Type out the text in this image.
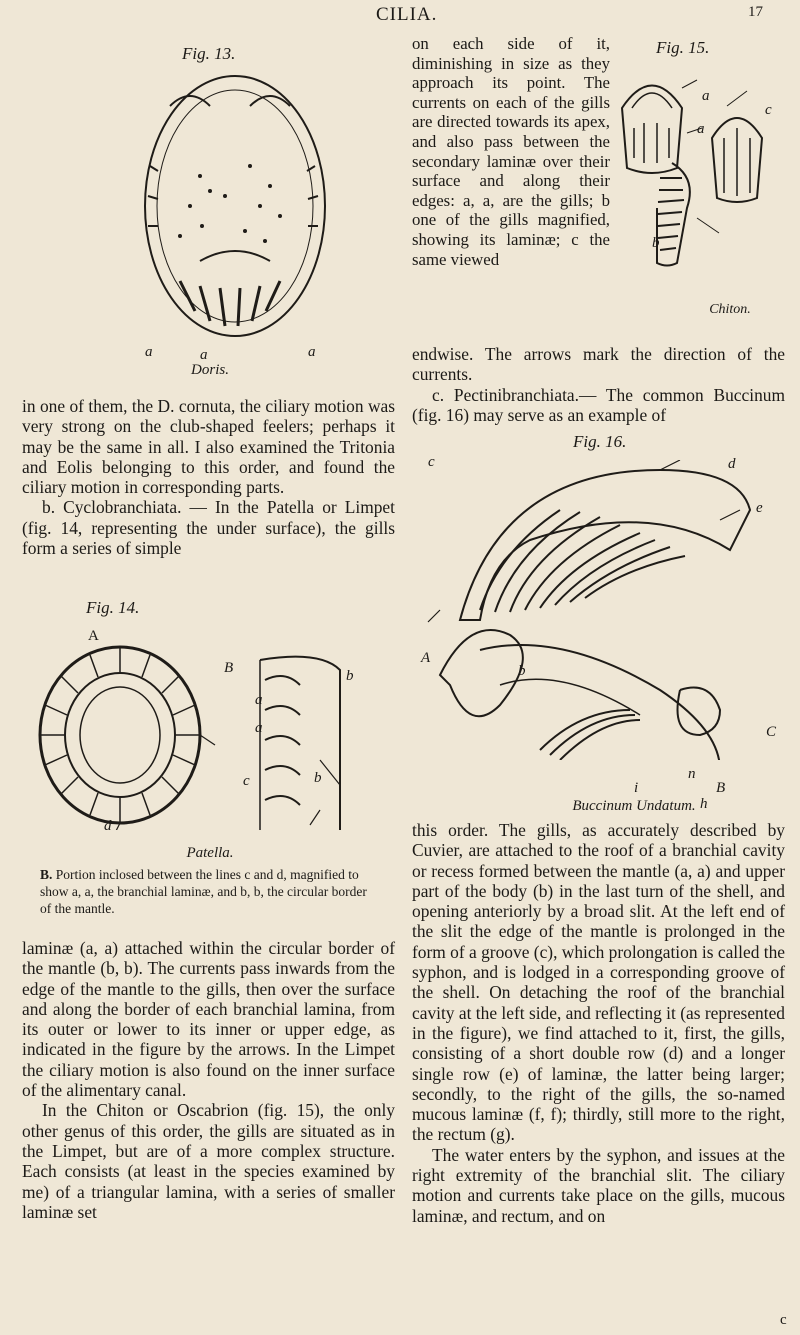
CILIA.	17
Fig. 13.
a	a	a
Doris.

in one of them, the D. cornuta, the ciliary motion was very strong on the club-shaped feelers; perhaps it may be the same in all. I also examined the Tritonia and Eolis belonging to this order, and found the ciliary motion in corresponding parts.

b. Cyclobranchiata. — In the Patella or Limpet (fig. 14, representing the under surface), the gills form a series of simple

Fig. 14.
A
B
a
a
b
b
c
d
Patella.
B. Portion inclosed between the lines c and d, magnified to show a, a, the branchial laminæ, and b, b, the circular border of the mantle.

laminæ (a, a) attached within the circular border of the mantle (b, b). The currents pass inwards from the edge of the mantle to the gills, then over the surface and along the border of each branchial lamina, from its outer or lower to its inner or upper edge, as indicated in the figure by the arrows. In the Limpet the ciliary motion is also found on the inner surface of the alimentary canal.

In the Chiton or Oscabrion (fig. 15), the only other genus of this order, the gills are situated as in the Limpet, but are of a more complex structure. Each consists (at least in the species examined by me) of a triangular lamina, with a series of smaller laminæ set

on each side of it, diminishing in size as they approach its point. The currents on each of the gills are directed towards its apex, and also pass between the secondary laminæ over their surface and along their edges: a, a, are the gills; b one of the gills magnified, showing its laminæ; c the same viewed

Fig. 15.
a
a
c
b
Chiton.

endwise. The arrows mark the direction of the currents.

c. Pectinibranchiata.— The common Buccinum (fig. 16) may serve as an example of

Fig. 16.
c	d
e
A
b
C
n
i	B
h
Buccinum Undatum.

this order. The gills, as accurately described by Cuvier, are attached to the roof of a branchial cavity or recess formed between the mantle (a, a) and upper part of the body (b) in the last turn of the shell, and opening anteriorly by a broad slit. At the left end of the slit the edge of the mantle is prolonged in the form of a groove (c), which prolongation is called the syphon, and is lodged in a corresponding groove of the shell. On detaching the roof of the branchial cavity at the left side, and reflecting it (as represented in the figure), we find attached to it, first, the gills, consisting of a short double row (d) and a longer single row (e) of laminæ, the latter being larger; secondly, to the right of the gills, the so-named mucous laminæ (f, f); thirdly, still more to the right, the rectum (g).

The water enters by the syphon, and issues at the right extremity of the branchial slit. The ciliary motion and currents take place on the gills, mucous laminæ, and rectum, and on

c
